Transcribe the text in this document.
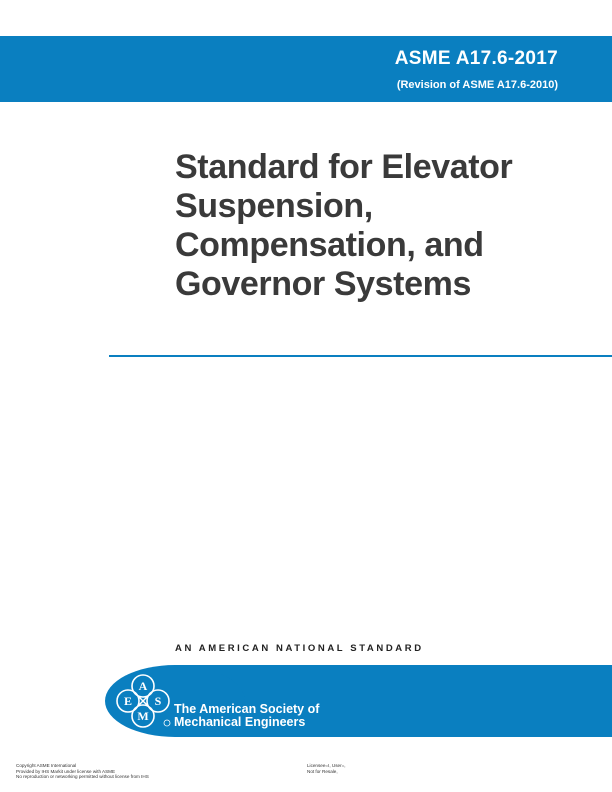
ASME A17.6-2017

(Revision of ASME A17.6-2010)

Standard for Elevator
Suspension,
Compensation, and
Governor Systems

AN AMERICAN NATIONAL STANDARD

A
E S
M The American Society of
Mechanical Engineers

Copyright ASME International
Provided by IHS Markit under license with ASME
No reproduction or networking permitted without license from IHS
Licensee=I, User=,
Not for Resale,
